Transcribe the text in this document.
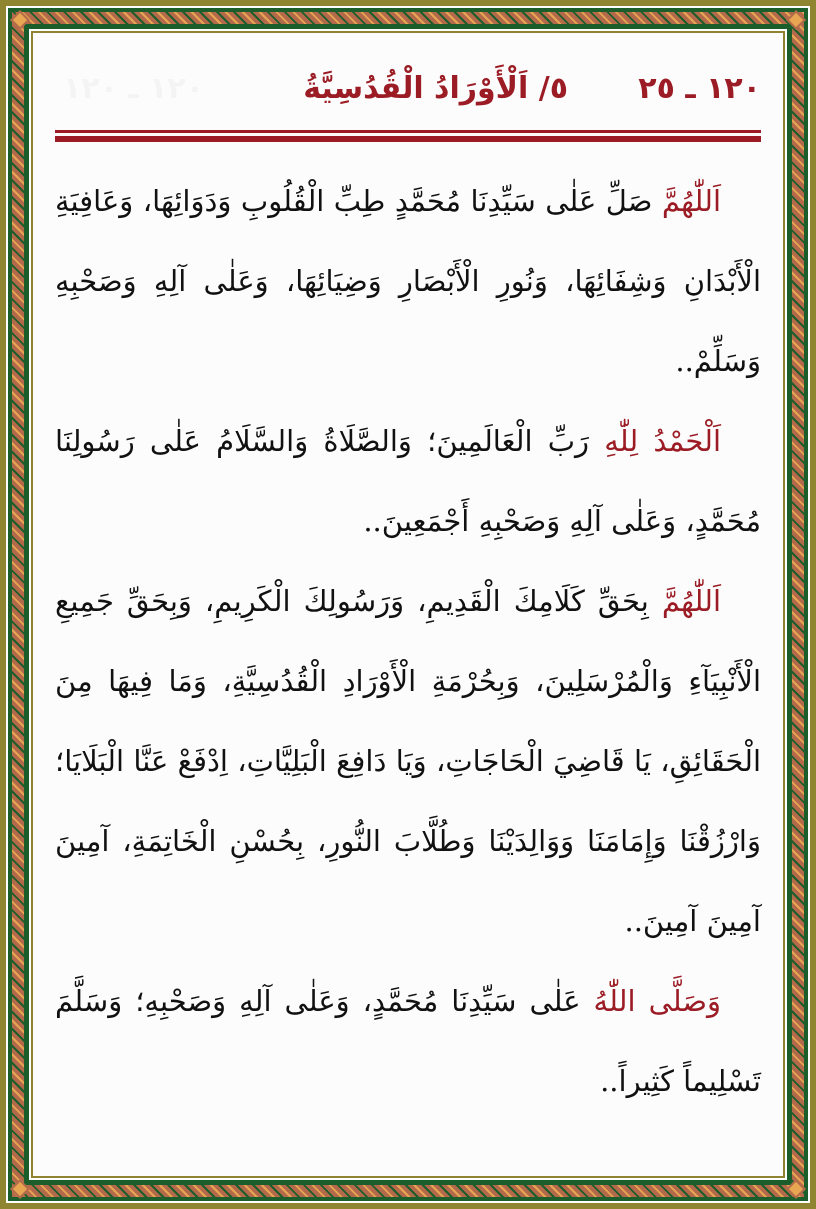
١٢٠ ـ ٢٥
٥/ اَلْأَوْرَادُ الْقُدُسِيَّةُ
١٢٠ ـ ١٢٠

اَللّٰهُمَّ صَلِّ عَلٰى سَيِّدِنَا مُحَمَّدٍ طِبِّ الْقُلُوبِ وَدَوَائِهَا، وَعَافِيَةِ الْأَبْدَانِ وَشِفَائِهَا، وَنُورِ الْأَبْصَارِ وَضِيَائِهَا، وَعَلٰى آلِهِ وَصَحْبِهِ وَسَلِّمْ..

اَلْحَمْدُ لِلّٰهِ رَبِّ الْعَالَمِينَ؛ وَالصَّلَاةُ وَالسَّلَامُ عَلٰى رَسُولِنَا مُحَمَّدٍ، وَعَلٰى آلِهِ وَصَحْبِهِ أَجْمَعِينَ..

اَللّٰهُمَّ بِحَقِّ كَلَامِكَ الْقَدِيمِ، وَرَسُولِكَ الْكَرِيمِ، وَبِحَقِّ جَمِيعِ الْأَنْبِيَآءِ وَالْمُرْسَلِينَ، وَبِحُرْمَةِ الْأَوْرَادِ الْقُدُسِيَّةِ، وَمَا فِيهَا مِنَ الْحَقَائِقِ، يَا قَاضِيَ الْحَاجَاتِ، وَيَا دَافِعَ الْبَلِيَّاتِ، اِدْفَعْ عَنَّا الْبَلَايَا؛ وَارْزُقْنَا وَإِمَامَنَا وَوَالِدَيْنَا وَطُلَّابَ النُّورِ، بِحُسْنِ الْخَاتِمَةِ، آمِينَ آمِينَ آمِينَ..

وَصَلَّى اللّٰهُ عَلٰى سَيِّدِنَا مُحَمَّدٍ، وَعَلٰى آلِهِ وَصَحْبِهِ؛ وَسَلَّمَ تَسْلِيماً كَثِيراً..
